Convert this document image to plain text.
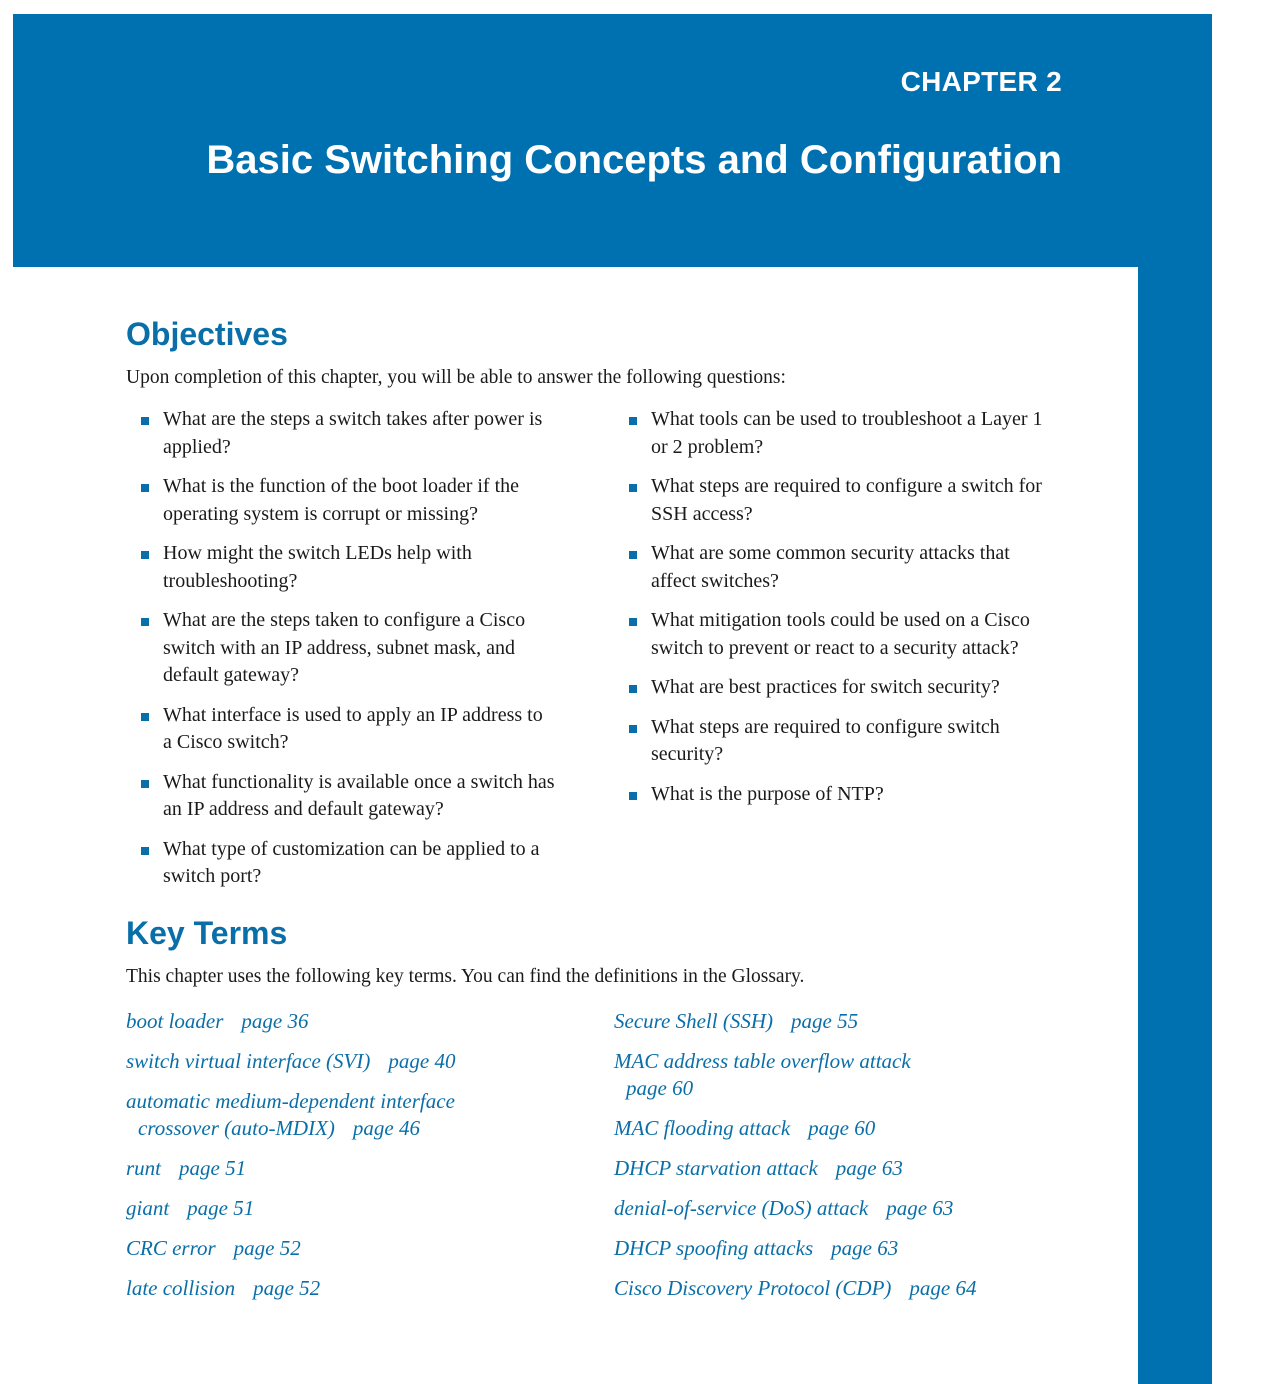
CHAPTER 2
Basic Switching Concepts and Configuration
Objectives
Upon completion of this chapter, you will be able to answer the following questions:
What are the steps a switch takes after power is applied?
What is the function of the boot loader if the operating system is corrupt or missing?
How might the switch LEDs help with troubleshooting?
What are the steps taken to configure a Cisco switch with an IP address, subnet mask, and default gateway?
What interface is used to apply an IP address to a Cisco switch?
What functionality is available once a switch has an IP address and default gateway?
What type of customization can be applied to a switch port?
What tools can be used to troubleshoot a Layer 1 or 2 problem?
What steps are required to configure a switch for SSH access?
What are some common security attacks that affect switches?
What mitigation tools could be used on a Cisco switch to prevent or react to a security attack?
What are best practices for switch security?
What steps are required to configure switch security?
What is the purpose of NTP?
Key Terms
This chapter uses the following key terms. You can find the definitions in the Glossary.
boot loader page 36
switch virtual interface (SVI) page 40
automatic medium-dependent interface
crossover (auto-MDIX) page 46
runt page 51
giant page 51
CRC error page 52
late collision page 52
Secure Shell (SSH) page 55
MAC address table overflow attack
page 60
MAC flooding attack page 60
DHCP starvation attack page 63
denial-of-service (DoS) attack page 63
DHCP spoofing attacks page 63
Cisco Discovery Protocol (CDP) page 64
